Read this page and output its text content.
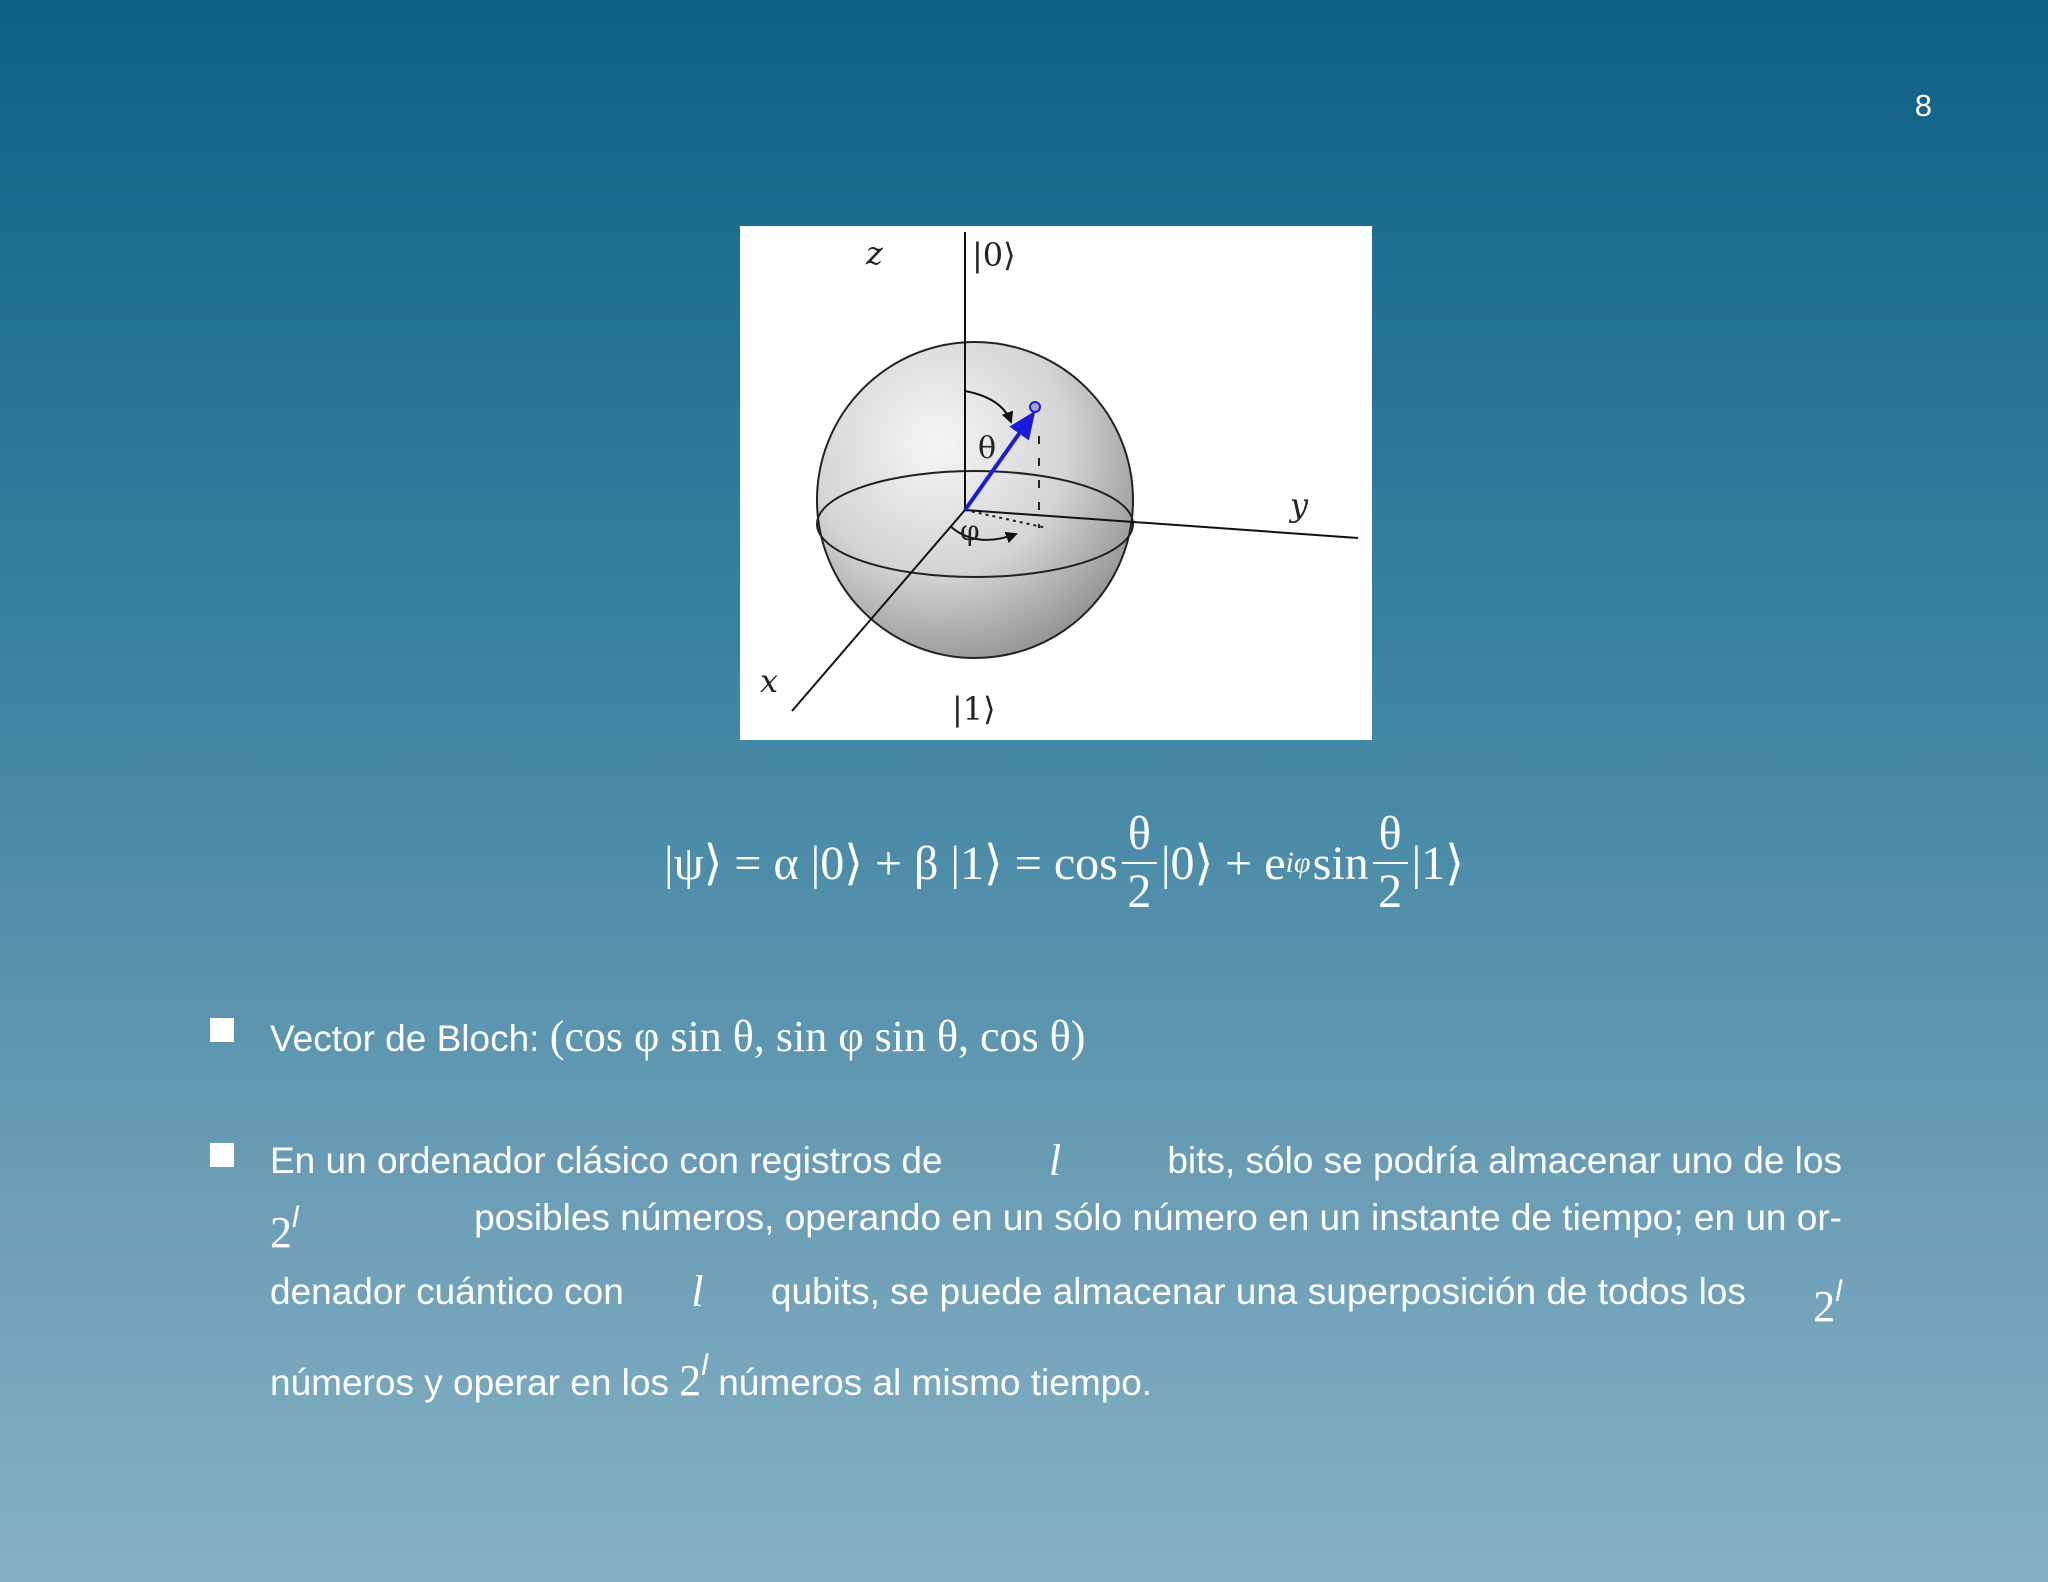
8
z
y
x
|0⟩
|1⟩
θ
φ
|ψ⟩ = α |0⟩ + β |1⟩ = $\cos \frac{\theta}{2}$ |0⟩ + e iφ $\sin \frac{\theta}{2}$ |1⟩
Vector de Bloch: (cos φ sin θ, sin φ sin θ, cos θ)
En un ordenador clásico con registros de l	bits, sólo se podría almacenar uno de los
2$^l$	posibles números, operando en un sólo número en un instante de tiempo; en un or-
denador cuántico con l qubits, se puede almacenar una superposición de todos los 2$^l$
números y operar en los 2$^l$ números al mismo tiempo.
